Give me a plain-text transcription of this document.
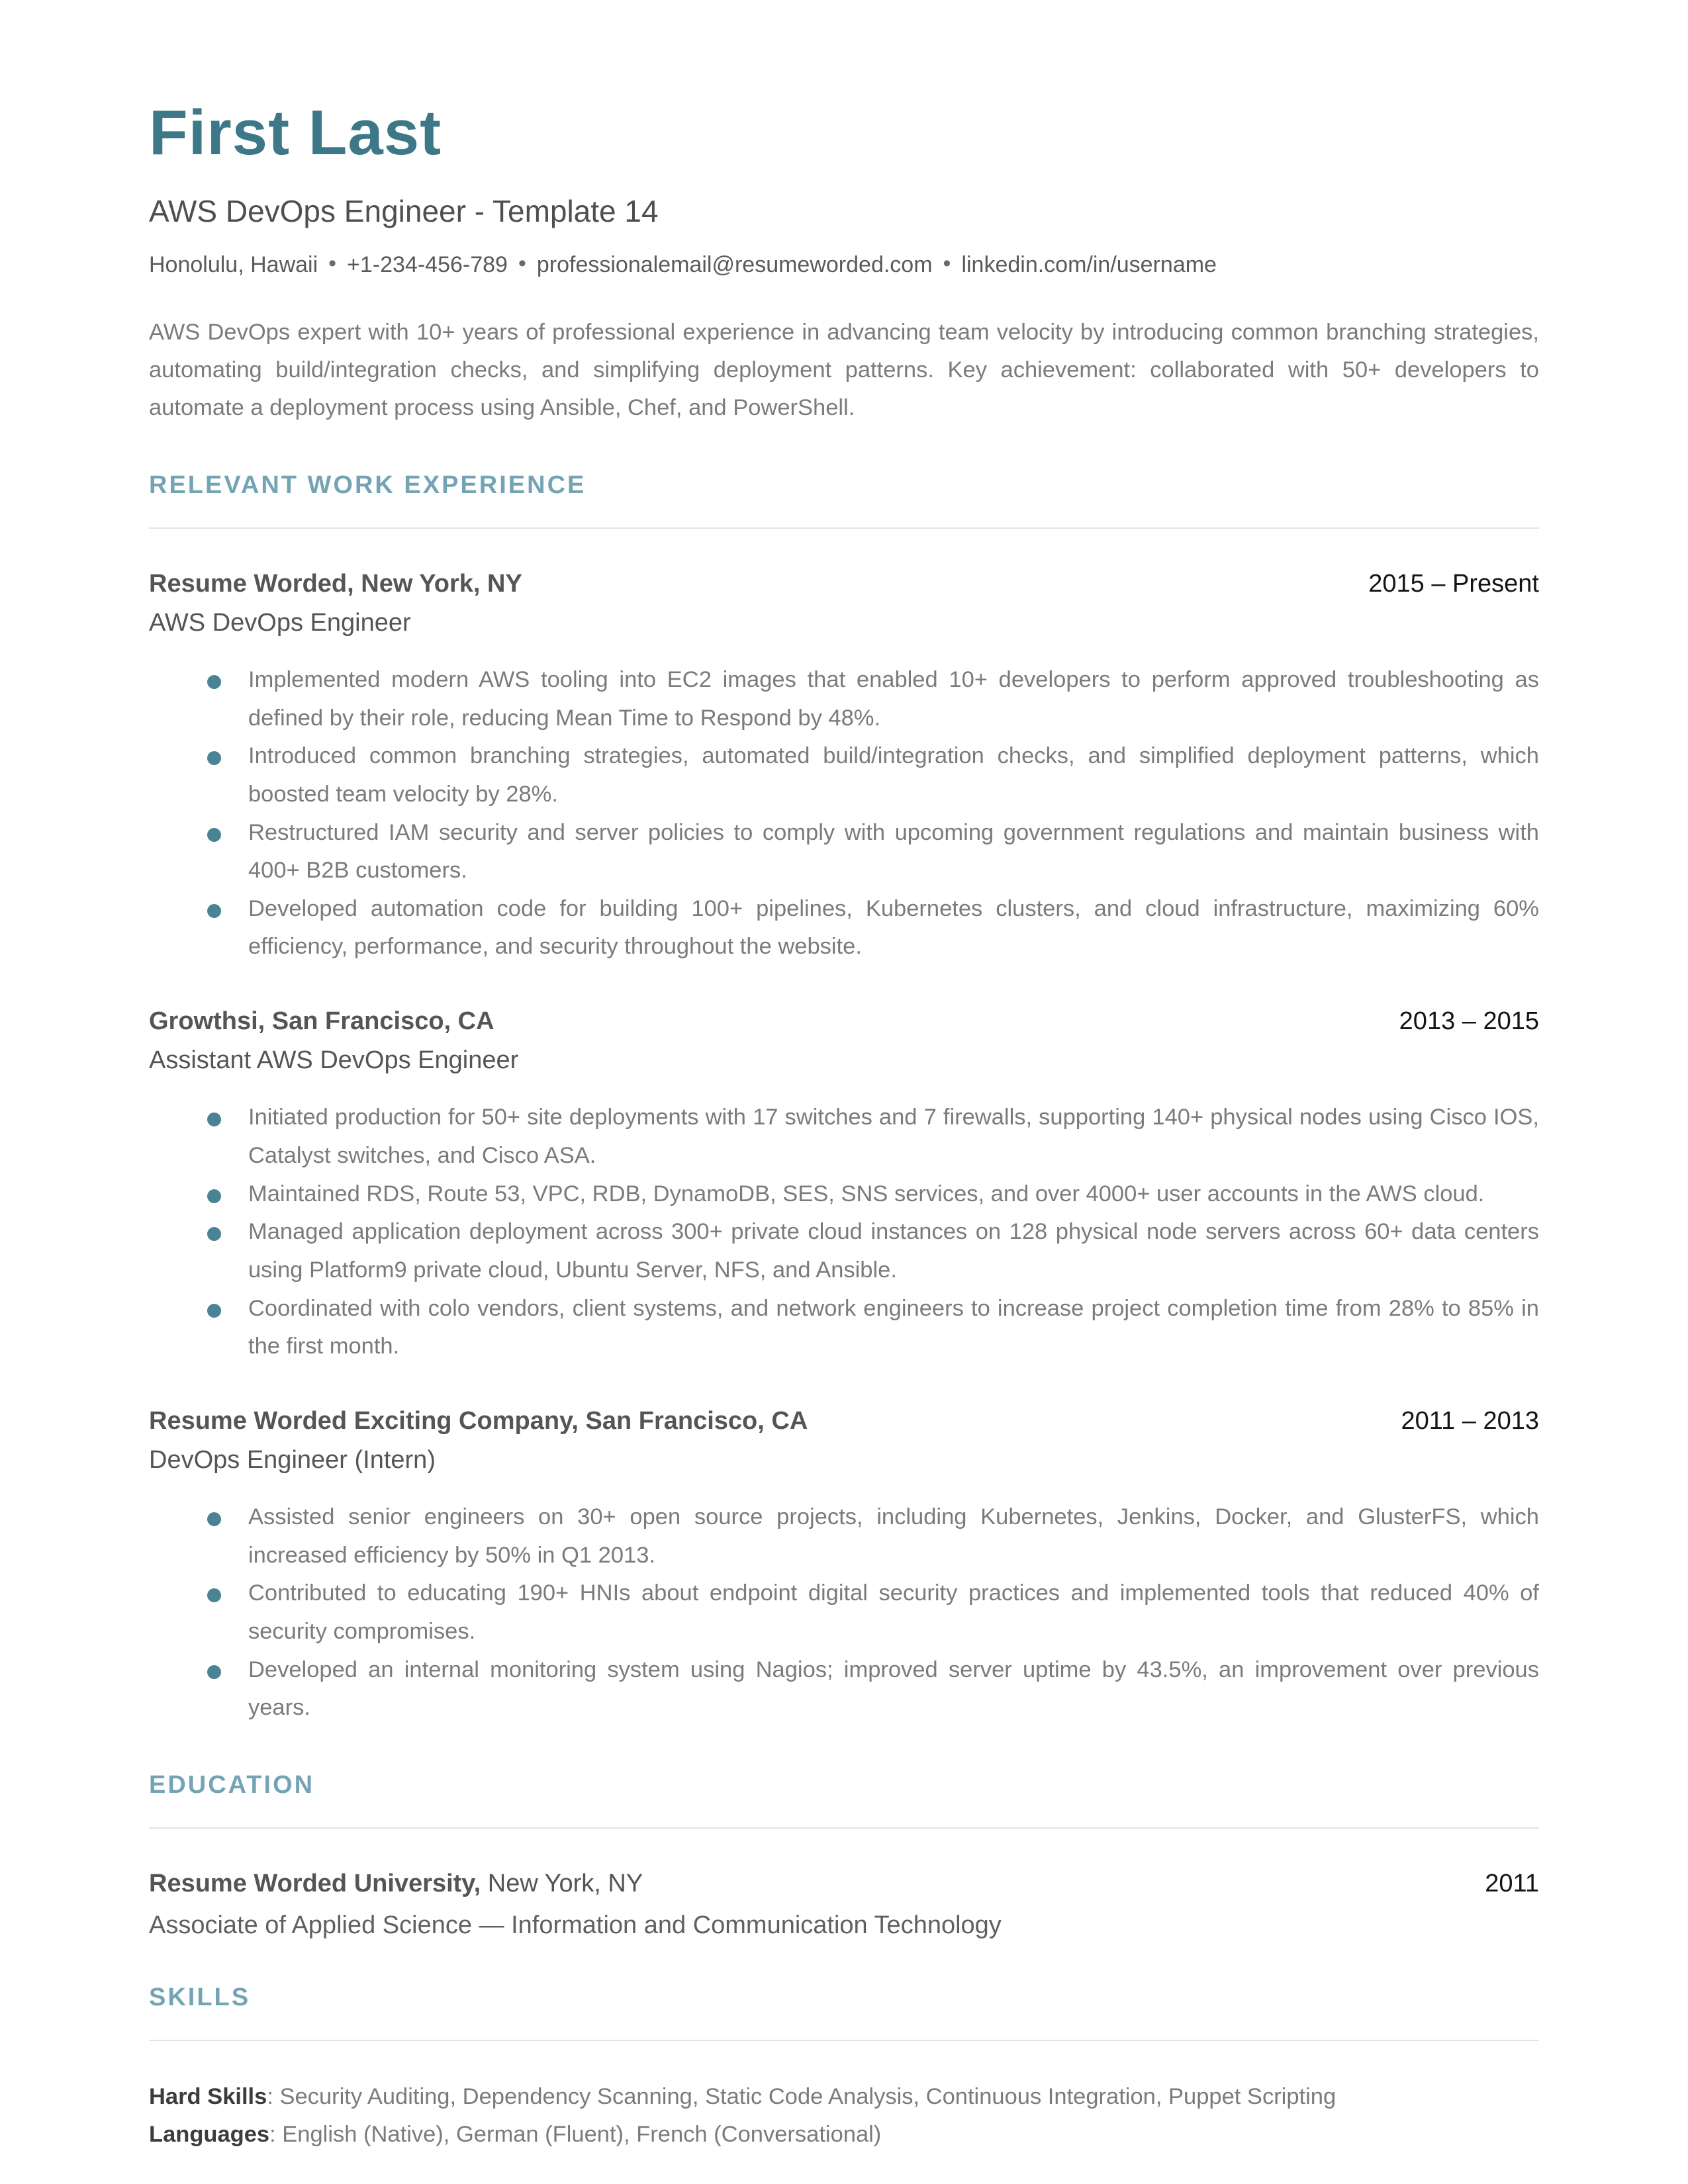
First Last
AWS DevOps Engineer - Template 14
Honolulu, Hawaii • +1-234-456-789 • professionalemail@resumeworded.com • linkedin.com/in/username
AWS DevOps expert with 10+ years of professional experience in advancing team velocity by introducing common branching strategies, automating build/integration checks, and simplifying deployment patterns. Key achievement: collaborated with 50+ developers to automate a deployment process using Ansible, Chef, and PowerShell.
RELEVANT WORK EXPERIENCE
Resume Worded, New York, NY	2015 – Present
AWS DevOps Engineer
Implemented modern AWS tooling into EC2 images that enabled 10+ developers to perform approved troubleshooting as defined by their role, reducing Mean Time to Respond by 48%.
Introduced common branching strategies, automated build/integration checks, and simplified deployment patterns, which boosted team velocity by 28%.
Restructured IAM security and server policies to comply with upcoming government regulations and maintain business with 400+ B2B customers.
Developed automation code for building 100+ pipelines, Kubernetes clusters, and cloud infrastructure, maximizing 60% efficiency, performance, and security throughout the website.
Growthsi, San Francisco, CA	2013 – 2015
Assistant AWS DevOps Engineer
Initiated production for 50+ site deployments with 17 switches and 7 firewalls, supporting 140+ physical nodes using Cisco IOS, Catalyst switches, and Cisco ASA.
Maintained RDS, Route 53, VPC, RDB, DynamoDB, SES, SNS services, and over 4000+ user accounts in the AWS cloud.
Managed application deployment across 300+ private cloud instances on 128 physical node servers across 60+ data centers using Platform9 private cloud, Ubuntu Server, NFS, and Ansible.
Coordinated with colo vendors, client systems, and network engineers to increase project completion time from 28% to 85% in the first month.
Resume Worded Exciting Company, San Francisco, CA	2011 – 2013
DevOps Engineer (Intern)
Assisted senior engineers on 30+ open source projects, including Kubernetes, Jenkins, Docker, and GlusterFS, which increased efficiency by 50% in Q1 2013.
Contributed to educating 190+ HNIs about endpoint digital security practices and implemented tools that reduced 40% of security compromises.
Developed an internal monitoring system using Nagios; improved server uptime by 43.5%, an improvement over previous years.
EDUCATION
Resume Worded University, New York, NY	2011
Associate of Applied Science — Information and Communication Technology
SKILLS
Hard Skills: Security Auditing, Dependency Scanning, Static Code Analysis, Continuous Integration, Puppet Scripting
Languages: English (Native), German (Fluent), French (Conversational)
